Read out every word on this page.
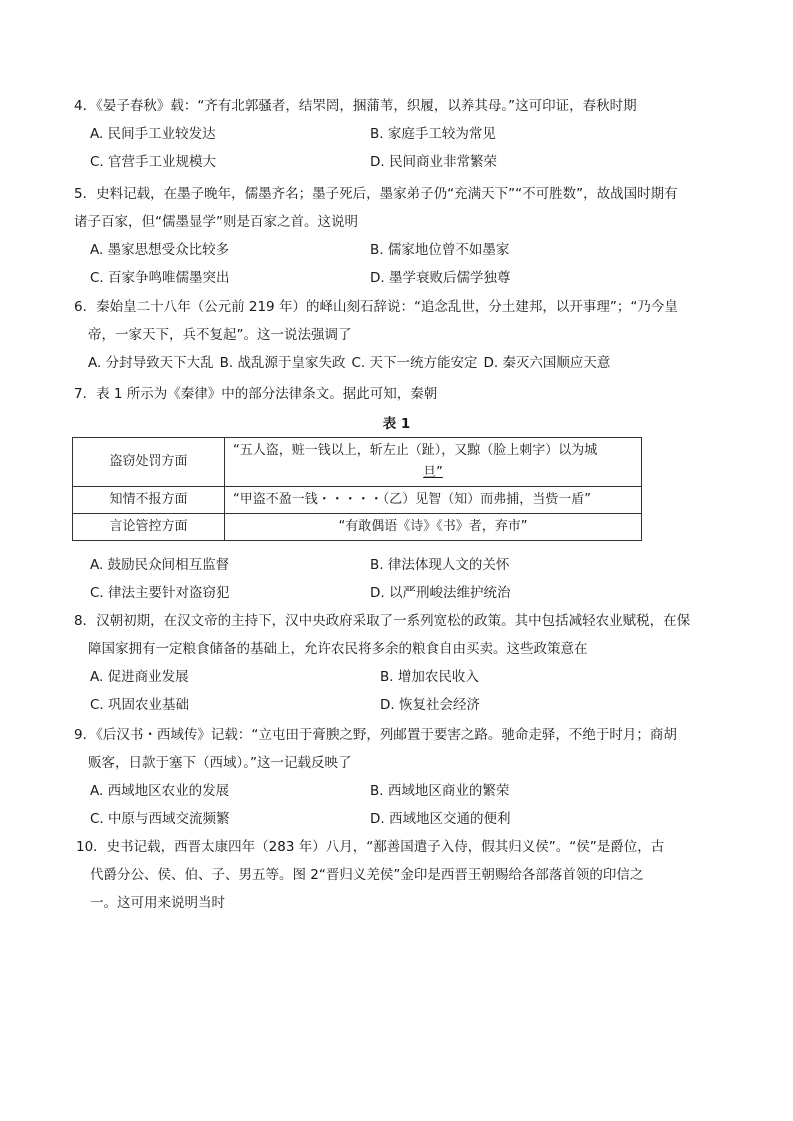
4．《晏子春秋》载：“齐有北郭骚者，结罘罔，捆蒲苇，织履，以养其母。”这可印证，春秋时期
A. 民间手工业较发达	B. 家庭手工较为常见
C. 官营手工业规模大	D. 民间商业非常繁荣
5．史料记载，在墨子晚年，儒墨齐名；墨子死后，墨家弟子仍“充满天下”“不可胜数”，故战国时期有
诸子百家，但“儒墨显学”则是百家之首。这说明
A. 墨家思想受众比较多	B. 儒家地位曾不如墨家
C. 百家争鸣唯儒墨突出	D. 墨学衰败后儒学独尊
6．秦始皇二十八年（公元前 219 年）的峄山刻石辞说：“追念乱世，分土建邦，以开事理”；“乃今皇
帝，一家天下，兵不复起”。这一说法强调了
A. 分封导致天下大乱 B. 战乱源于皇家失政 C. 天下一统方能安定 D. 秦灭六国顺应天意
7．表 1 所示为《秦律》中的部分法律条文。据此可知，秦朝
表 1
盗窃处罚方面	“五人盗，赃一钱以上，斩左止（趾），又黥（脸上刺字）以为城
旦”

知情不报方面	“甲盗不盈一钱・・・・・（乙）见智（知）而弗捕，当赀一盾”
言论管控方面	“有敢偶语《诗》《书》者，弃市”
A. 鼓励民众间相互监督	B. 律法体现人文的关怀
C. 律法主要针对盗窃犯	D. 以严刑峻法维护统治
8．汉朝初期，在汉文帝的主持下，汉中央政府采取了一系列宽松的政策。其中包括减轻农业赋税，在保
障国家拥有一定粮食储备的基础上，允许农民将多余的粮食自由买卖。这些政策意在
A. 促进商业发展	B. 增加农民收入
C. 巩固农业基础	D. 恢复社会经济
9．《后汉书・西域传》记载：“立屯田于膏腴之野，列邮置于要害之路。驰命走驿，不绝于时月；商胡
贩客，日款于塞下（西域）。”这一记载反映了
A. 西域地区农业的发展	B. 西域地区商业的繁荣
C. 中原与西域交流频繁	D. 西域地区交通的便利
10．史书记载，西晋太康四年（283 年）八月，“鄯善国遣子入侍，假其归义侯”。“侯”是爵位，古
代爵分公、侯、伯、子、男五等。图 2“晋归义羌侯”金印是西晋王朝赐给各部落首领的印信之
一。这可用来说明当时
